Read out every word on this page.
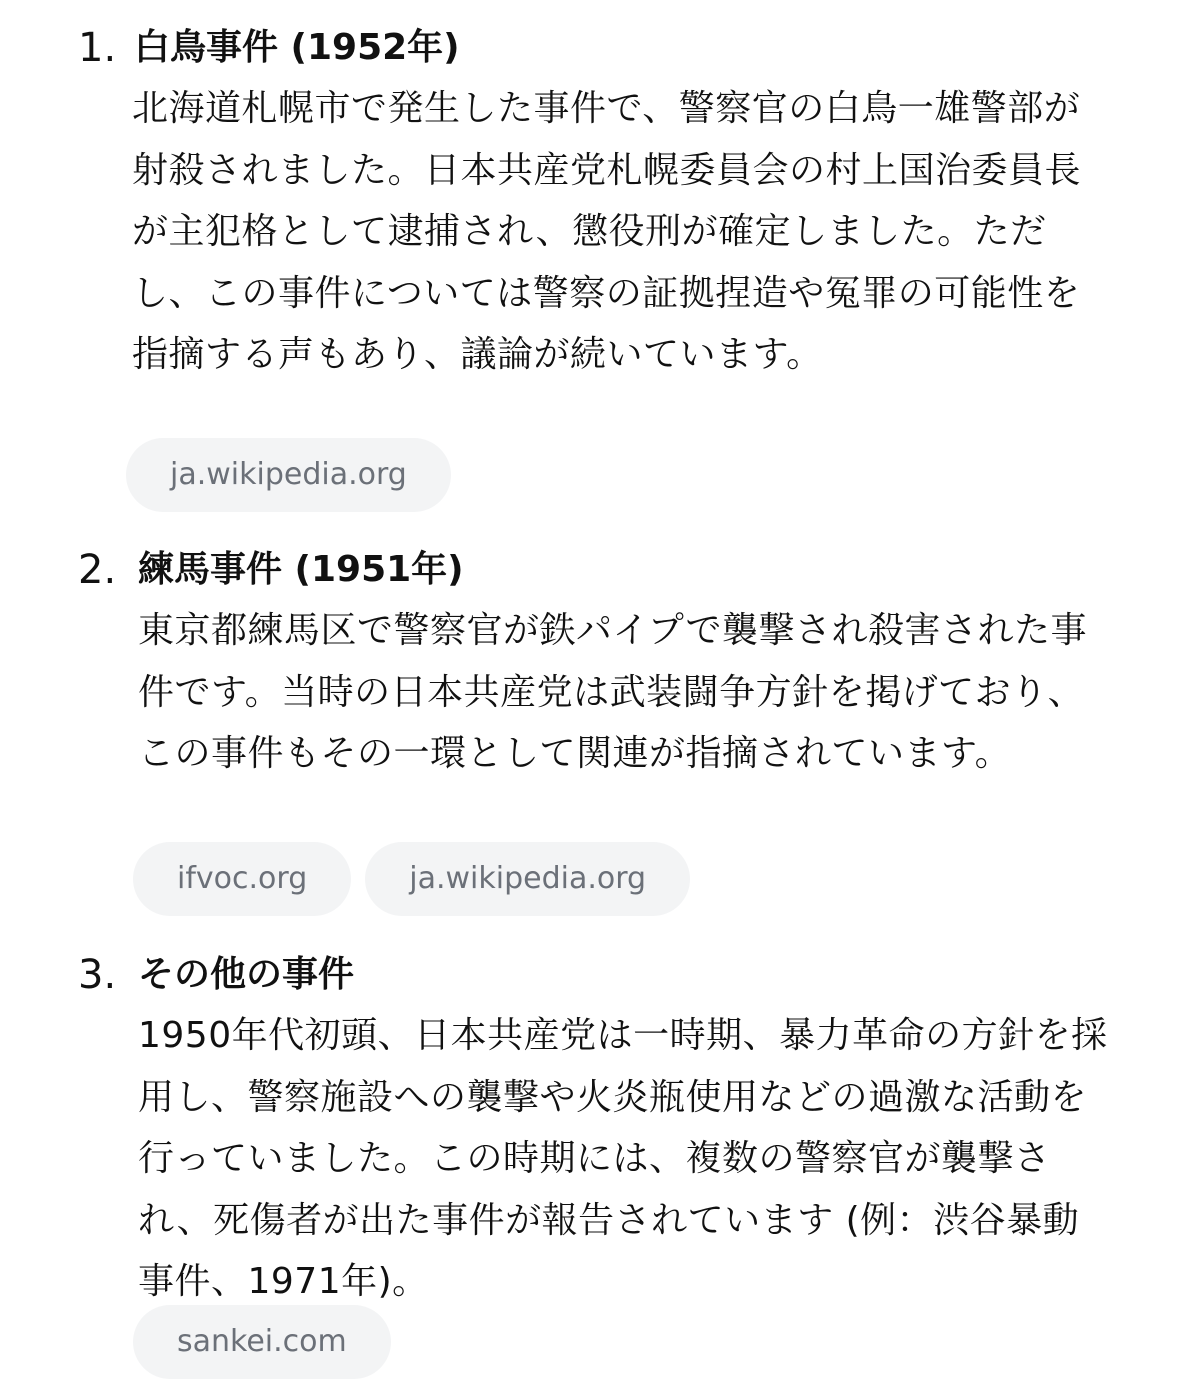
1. 白鳥事件 (1952年)
北海道札幌市で発生した事件で、警察官の白鳥一雄警部が射殺されました。日本共産党札幌委員会の村上国治委員長が主犯格として逮捕され、懲役刑が確定しました。ただし、この事件については警察の証拠捏造や冤罪の可能性を指摘する声もあり、議論が続いています。
ja.wikipedia.org
2. 練馬事件 (1951年)
東京都練馬区で警察官が鉄パイプで襲撃され殺害された事件です。当時の日本共産党は武装闘争方針を掲げており、この事件もその一環として関連が指摘されています。
ifvoc.org	ja.wikipedia.org
3. その他の事件
1950年代初頭、日本共産党は一時期、暴力革命の方針を採用し、警察施設への襲撃や火炎瓶使用などの過激な活動を行っていました。この時期には、複数の警察官が襲撃され、死傷者が出た事件が報告されています (例：渋谷暴動事件、1971年)。
sankei.com
